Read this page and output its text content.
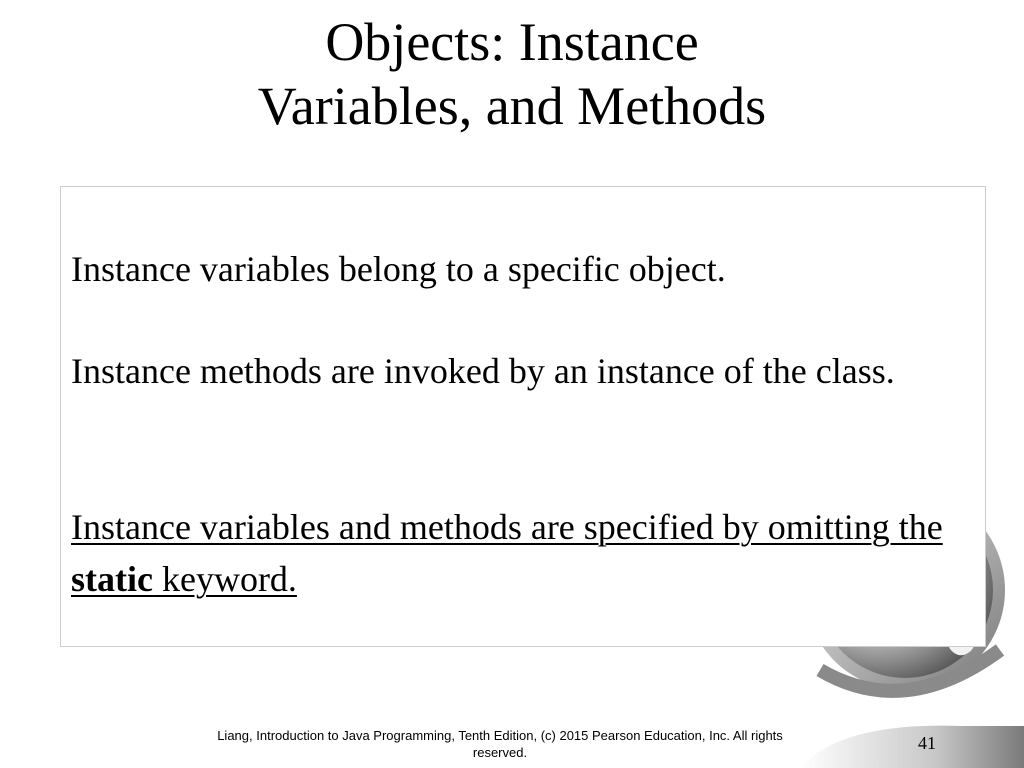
Objects: Instance
Variables, and Methods

Instance variables belong to a specific object.

Instance methods are invoked by an instance of the class.

Instance variables and methods are specified by omitting the static keyword.

Liang, Introduction to Java Programming, Tenth Edition, (c) 2015 Pearson Education, Inc. All rights reserved.	41
